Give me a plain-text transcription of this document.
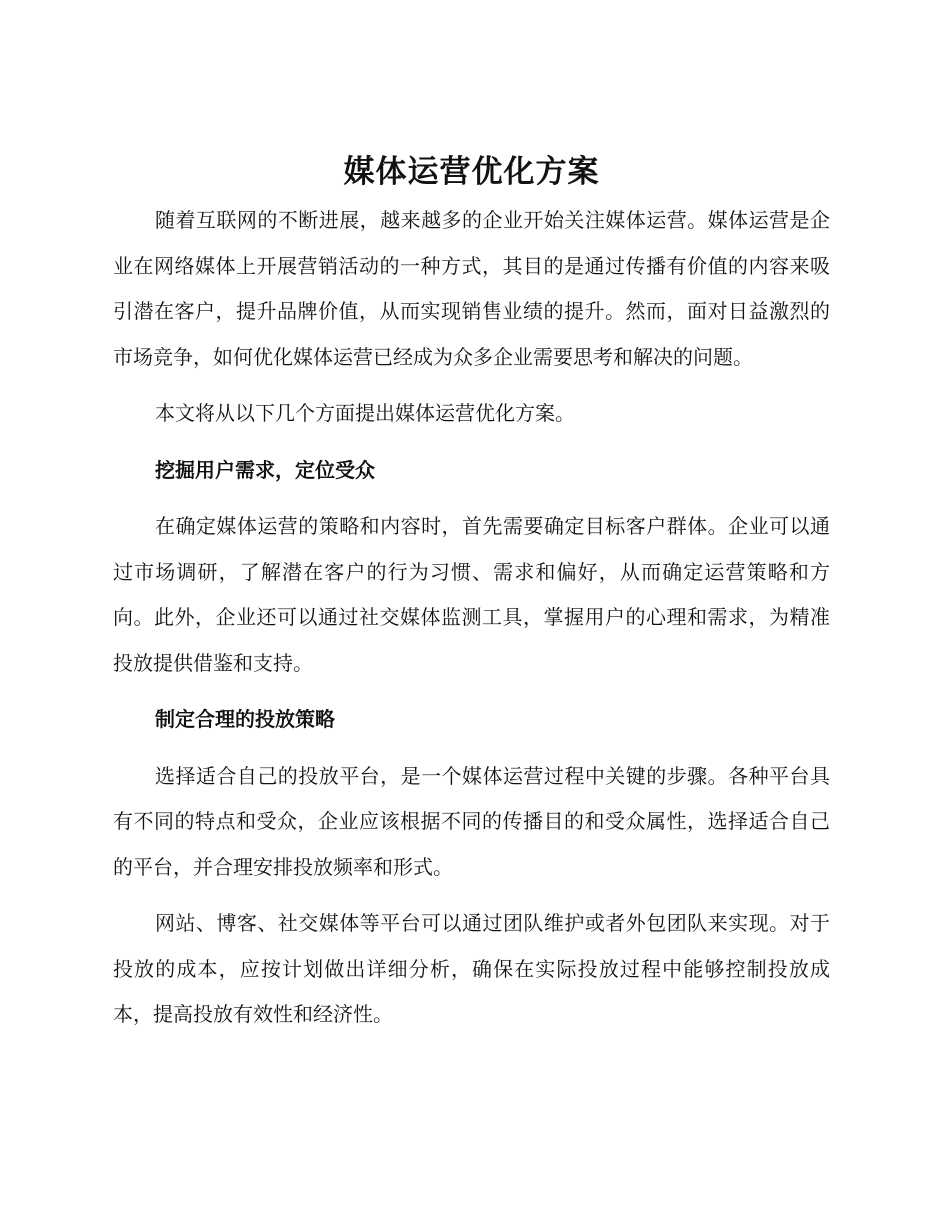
媒体运营优化方案

随着互联网的不断进展，越来越多的企业开始关注媒体运营。媒体运营是企业在网络媒体上开展营销活动的一种方式，其目的是通过传播有价值的内容来吸引潜在客户，提升品牌价值，从而实现销售业绩的提升。然而，面对日益激烈的市场竞争，如何优化媒体运营已经成为众多企业需要思考和解决的问题。

本文将从以下几个方面提出媒体运营优化方案。

挖掘用户需求，定位受众

在确定媒体运营的策略和内容时，首先需要确定目标客户群体。企业可以通过市场调研，了解潜在客户的行为习惯、需求和偏好，从而确定运营策略和方向。此外，企业还可以通过社交媒体监测工具，掌握用户的心理和需求，为精准投放提供借鉴和支持。

制定合理的投放策略

选择适合自己的投放平台，是一个媒体运营过程中关键的步骤。各种平台具有不同的特点和受众，企业应该根据不同的传播目的和受众属性，选择适合自己的平台，并合理安排投放频率和形式。

网站、博客、社交媒体等平台可以通过团队维护或者外包团队来实现。对于投放的成本，应按计划做出详细分析，确保在实际投放过程中能够控制投放成本，提高投放有效性和经济性。
